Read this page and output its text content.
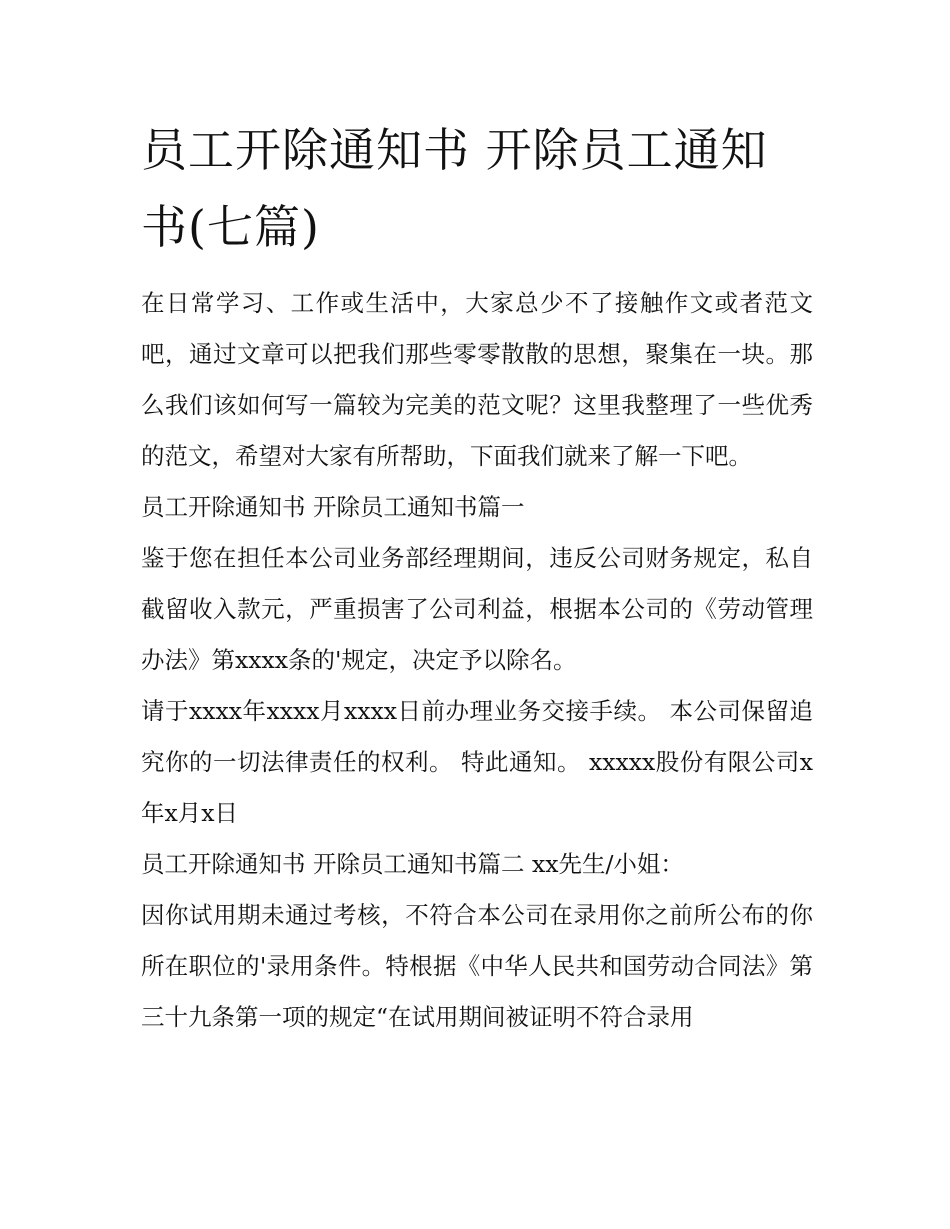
员工开除通知书 开除员工通知书(七篇)

在日常学习、工作或生活中，大家总少不了接触作文或者范文吧，通过文章可以把我们那些零零散散的思想，聚集在一块。那么我们该如何写一篇较为完美的范文呢？这里我整理了一些优秀的范文，希望对大家有所帮助，下面我们就来了解一下吧。

员工开除通知书 开除员工通知书篇一

鉴于您在担任本公司业务部经理期间，违反公司财务规定，私自截留收入款元，严重损害了公司利益，根据本公司的《劳动管理办法》第xxxx条的'规定，决定予以除名。

请于xxxx年xxxx月xxxx日前办理业务交接手续。 本公司保留追究你的一切法律责任的权利。 特此通知。 xxxxx股份有限公司x年x月x日

员工开除通知书 开除员工通知书篇二 xx先生/小姐：

因你试用期未通过考核，不符合本公司在录用你之前所公布的你所在职位的'录用条件。特根据《中华人民共和国劳动合同法》第三十九条第一项的规定“在试用期间被证明不符合录用
